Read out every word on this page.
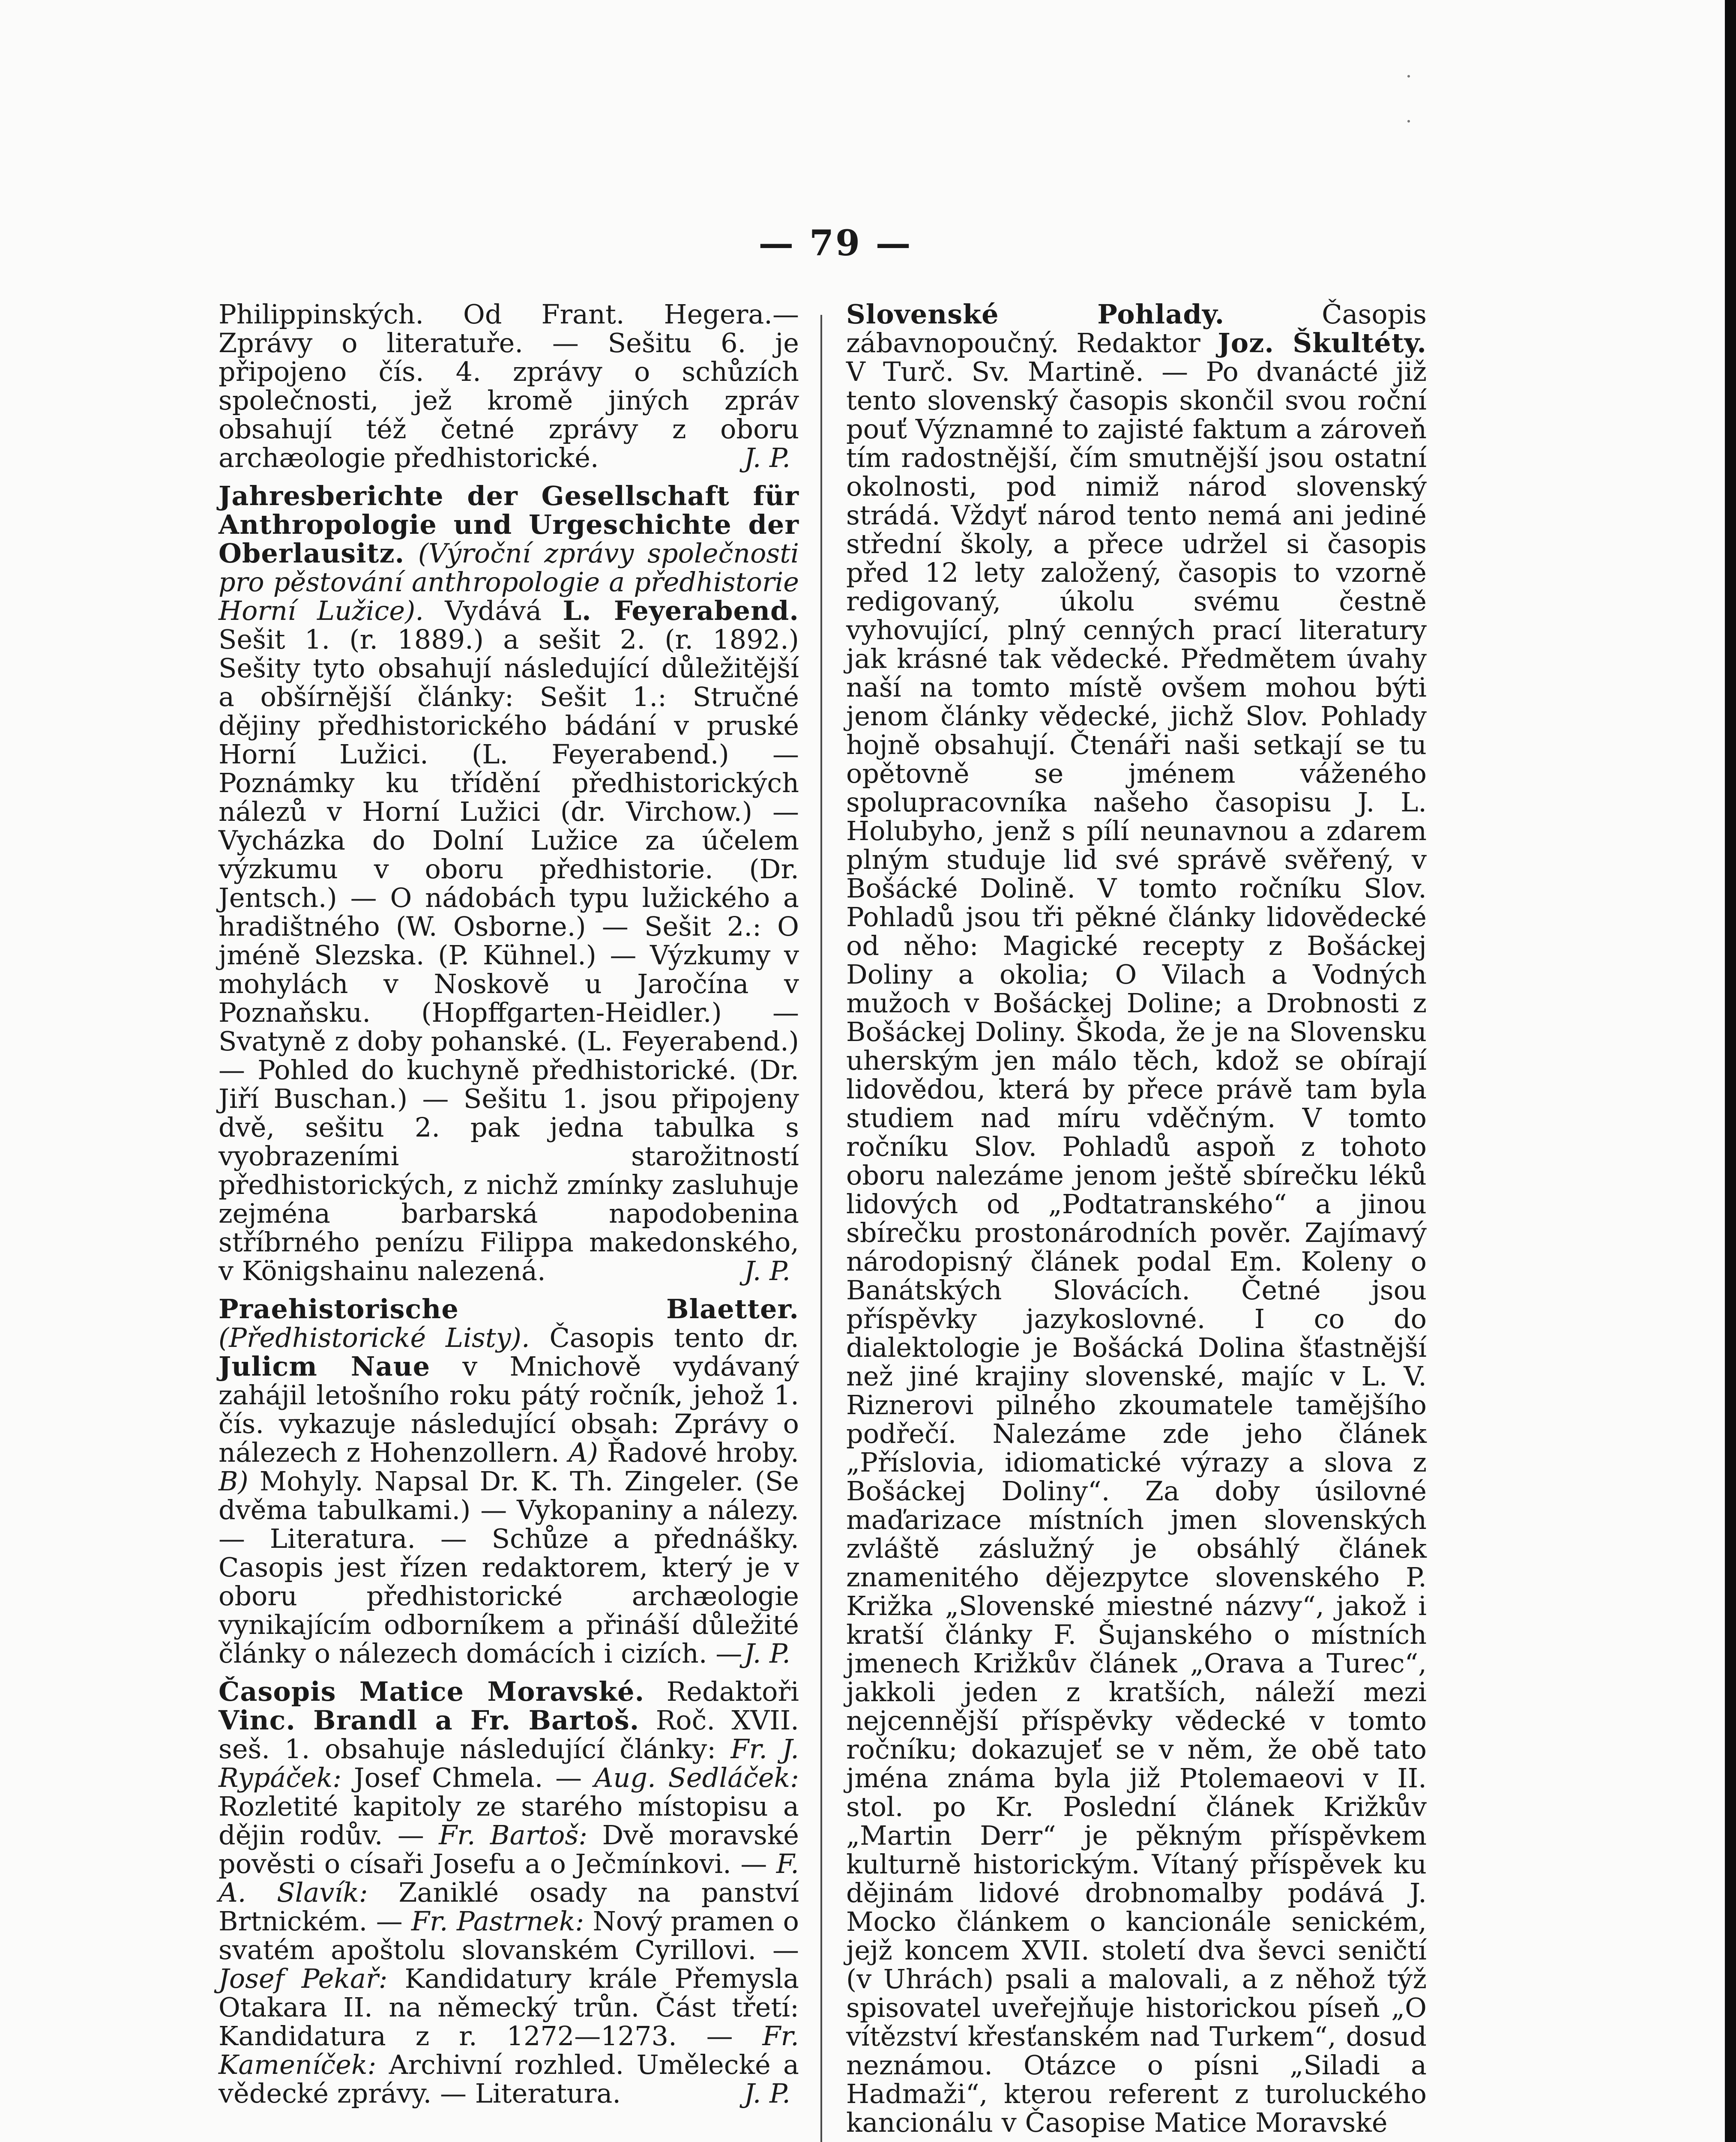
— 79 —

Philippinských. Od Frant. Hegera.— Zprávy o literatuře. — Sešitu 6. je připojeno čís. 4. zprávy o schůzích společnosti, jež kromě jiných zpráv obsahují též četné zprávy z oboru archæologie předhistorické.	J. P.

Jahresberichte der Gesellschaft für Anthropologie und Urgeschichte der Oberlausitz. (Výroční zprávy společnosti pro pěstování anthropologie a předhistorie Horní Lužice). Vydává L. Feyerabend. Sešit 1. (r. 1889.) a sešit 2. (r. 1892.) Sešity tyto obsahují následující důležitější a obšírnější články: Sešit 1.: Stručné dějiny předhistorického bádání v pruské Horní Lužici. (L. Feyerabend.) — Poznámky ku třídění předhistorických nálezů v Horní Lužici (dr. Virchow.) — Vycházka do Dolní Lužice za účelem výzkumu v oboru předhistorie. (Dr. Jentsch.) — O nádobách typu lužického a hradištného (W. Osborne.) — Sešit 2.: O jméně Slezska. (P. Kühnel.) — Výzkumy v mohylách v Noskově u Jaročína v Poznaňsku. (Hopffgarten-Heidler.) — Svatyně z doby pohanské. (L. Feyerabend.) — Pohled do kuchyně předhistorické. (Dr. Jiří Buschan.) — Sešitu 1. jsou připojeny dvě, sešitu 2. pak jedna tabulka s vyobrazeními starožitností předhistorických, z nichž zmínky zasluhuje zejména barbarská napodobenina stříbrného penízu Filippa makedonského, v Königshainu nalezená.	J. P.

Praehistorische Blaetter. (Předhistorické Listy). Časopis tento dr. Julicm Naue v Mnichově vydávaný zahájil letošního roku pátý ročník, jehož 1. čís. vykazuje následující obsah: Zprávy o nálezech z Hohenzollern. A) Řadové hroby. B) Mohyly. Napsal Dr. K. Th. Zingeler. (Se dvěma tabulkami.) — Vykopaniny a nálezy. — Literatura. — Schůze a přednášky. Casopis jest řízen redaktorem, který je v oboru předhistorické archæologie vynikajícím odborníkem a přináší důležité články o nálezech domácích i cizích. — J. P.

Časopis Matice Moravské. Redaktoři Vinc. Brandl a Fr. Bartoš. Roč. XVII. seš. 1. obsahuje následující články: Fr. J. Rypáček: Josef Chmela. — Aug. Sedláček: Rozletité kapitoly ze starého místopisu a dějin rodův. — Fr. Bartoš: Dvě moravské pověsti o císaři Josefu a o Ječmínkovi. — F. A. Slavík: Zaniklé osady na panství Brtnickém. — Fr. Pastrnek: Nový pramen o svatém apoštolu slovanském Cyrillovi. — Josef Pekař: Kandidatury krále Přemysla Otakara II. na německý trůn. Část třetí: Kandidatura z r. 1272—1273. — Fr. Kameníček: Archivní rozhled. Umělecké a vědecké zprávy. — Literatura.	J. P.

Slovenské Pohlady.	Časopis zábavnopoučný. Redaktor Joz. Škultéty. V Turč. Sv. Martině. — Po dvanácté již tento slovenský časopis skončil svou roční pouť Významné to zajisté faktum a zároveň tím radostnější, čím smutnější jsou ostatní okolnosti, pod nimiž národ slovenský strádá. Vždyť národ tento nemá ani jediné střední školy, a přece udržel si časopis před 12 lety založený, časopis to vzorně redigovaný, úkolu svému čestně vyhovující, plný cenných prací literatury jak krásné tak vědecké. Předmětem úvahy naší na tomto místě ovšem mohou býti jenom články vědecké, jichž Slov. Pohlady hojně obsahují. Čtenáři naši setkají se tu opětovně se jménem váženého spolupracovníka našeho časopisu J. L. Holubyho, jenž s pílí neunavnou a zdarem plným studuje lid své správě svěřený, v Bošácké Dolině. V tomto ročníku Slov. Pohladů jsou tři pěkné články lidovědecké od něho: Magické recepty z Bošáckej Doliny a okolia; O Vilach a Vodných mužoch v Bošáckej Doline; a Drobnosti z Bošáckej Doliny. Škoda, že je na Slovensku uherským jen málo těch, kdož se obírají lidovědou, která by přece právě tam byla studiem nad míru vděčným. V tomto ročníku Slov. Pohladů aspoň z tohoto oboru nalezáme jenom ještě sbírečku léků lidových od „Podtatranského“ a jinou sbírečku prostonárodních pověr. Zajímavý národopisný článek podal Em. Koleny o Banátských Slovácích. Četné jsou příspěvky jazykoslovné. I co do dialektologie je Bošácká Dolina šťastnější než jiné krajiny slovenské, majíc v L. V. Riznerovi pilného zkoumatele tamějšího podřečí. Nalezáme zde jeho článek „Příslovia, idiomatické výrazy a slova z Bošáckej Doliny“. Za doby úsilovné maďarizace místních jmen slovenských zvláště záslužný je obsáhlý článek znamenitého dějezpytce slovenského P. Križka „Slovenské miestné názvy“, jakož i kratší články F. Šujanského o místních jmenech Križkův článek „Orava a Turec“, jakkoli jeden z kratších, náleží mezi nejcennější příspěvky vědecké v tomto ročníku; dokazujeť se v něm, že obě tato jména známa byla již Ptolemaeovi v II. stol. po Kr. Poslední článek Križkův „Martin Derr“ je pěkným příspěvkem kulturně historickým. Vítaný příspěvek ku dějinám lidové drobnomalby podává J. Mocko článkem o kancionále senickém, jejž koncem XVII. století dva ševci seničtí (v Uhrách) psali a malovali, a z něhož týž spisovatel uveřejňuje historickou píseň „O vítězství křesťanském nad Turkem“, dosud neznámou. Otázce o písni „Siladi a Hadmaži“, kterou referent z turoluckého kancionálu v Časopise Matice Moravské
